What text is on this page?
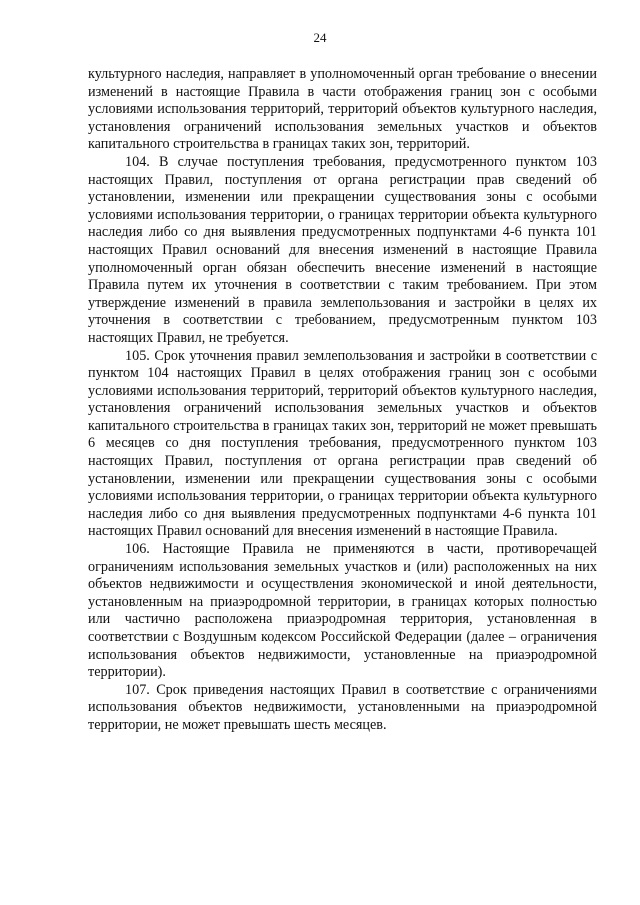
24

культурного наследия, направляет в уполномоченный орган требование о внесении изменений в настоящие Правила в части отображения границ зон с особыми условиями использования территорий, территорий объектов культурного наследия, установления ограничений использования земельных участков и объектов капитального строительства в границах таких зон, территорий.

104. В случае поступления требования, предусмотренного пунктом 103 настоящих Правил, поступления от органа регистрации прав сведений об установлении, изменении или прекращении существования зоны с особыми условиями использования территории, о границах территории объекта культурного наследия либо со дня выявления предусмотренных подпунктами 4-6 пункта 101 настоящих Правил оснований для внесения изменений в настоящие Правила уполномоченный орган обязан обеспечить внесение изменений в настоящие Правила путем их уточнения в соответствии с таким требованием. При этом утверждение изменений в правила землепользования и застройки в целях их уточнения в соответствии с требованием, предусмотренным пунктом 103 настоящих Правил, не требуется.

105. Срок уточнения правил землепользования и застройки в соответствии с пунктом 104 настоящих Правил в целях отображения границ зон с особыми условиями использования территорий, территорий объектов культурного наследия, установления ограничений использования земельных участков и объектов капитального строительства в границах таких зон, территорий не может превышать 6 месяцев со дня поступления требования, предусмотренного пунктом 103 настоящих Правил, поступления от органа регистрации прав сведений об установлении, изменении или прекращении существования зоны с особыми условиями использования территории, о границах территории объекта культурного наследия либо со дня выявления предусмотренных подпунктами 4-6 пункта 101 настоящих Правил оснований для внесения изменений в настоящие Правила.

106. Настоящие Правила не применяются в части, противоречащей ограничениям использования земельных участков и (или) расположенных на них объектов недвижимости и осуществления экономической и иной деятельности, установленным на приаэродромной территории, в границах которых полностью или частично расположена приаэродромная территория, установленная в соответствии с Воздушным кодексом Российской Федерации (далее – ограничения использования объектов недвижимости, установленные на приаэродромной территории).

107. Срок приведения настоящих Правил в соответствие с ограничениями использования объектов недвижимости, установленными на приаэродромной территории, не может превышать шесть месяцев.
